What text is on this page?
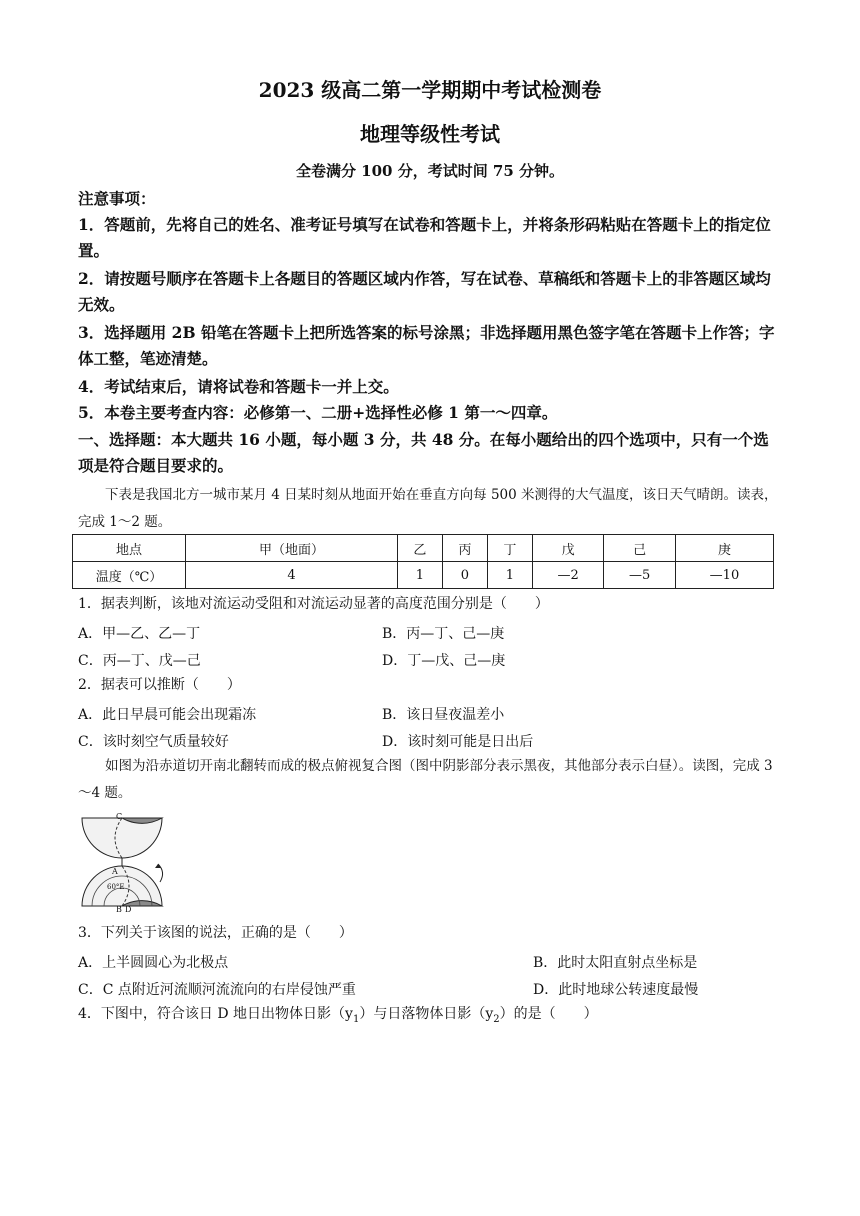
2023 级高二第一学期期中考试检测卷
地理等级性考试
全卷满分 100 分，考试时间 75 分钟。
注意事项：
1．答题前，先将自己的姓名、准考证号填写在试卷和答题卡上，并将条形码粘贴在答题卡上的指定位置。
2．请按题号顺序在答题卡上各题目的答题区域内作答，写在试卷、草稿纸和答题卡上的非答题区域均无效。
3．选择题用 2B 铅笔在答题卡上把所选答案的标号涂黑；非选择题用黑色签字笔在答题卡上作答；字体工整，笔迹清楚。
4．考试结束后，请将试卷和答题卡一并上交。
5．本卷主要考查内容：必修第一、二册+选择性必修 1 第一～四章。
一、选择题：本大题共 16 小题，每小题 3 分，共 48 分。在每小题给出的四个选项中，只有一个选项是符合题目要求的。
下表是我国北方一城市某月 4 日某时刻从地面开始在垂直方向每 500 米测得的大气温度，该日天气晴朗。读表，完成 1～2 题。
地点	甲（地面）	乙	丙	丁	戊	己	庚
温度（℃）	4	1	0	1	—2	—5	—10
1．据表判断，该地对流运动受阻和对流运动显著的高度范围分别是（　　）
A．甲—乙、乙—丁	B．丙—丁、己—庚
C．丙—丁、戊—己	D．丁—戊、己—庚
2．据表可以推断（　　）
A．此日早晨可能会出现霜冻	B．该日昼夜温差小
C．该时刻空气质量较好	D．该时刻可能是日出后
如图为沿赤道切开南北翻转而成的极点俯视复合图（图中阴影部分表示黑夜，其他部分表示白昼）。读图，完成 3～4 题。
C
A
60°E
B D
3．下列关于该图的说法，正确的是（　　）
A．上半圆圆心为北极点	B．此时太阳直射点坐标是
C．C 点附近河流顺河流流向的右岸侵蚀严重	D．此时地球公转速度最慢
4．下图中，符合该日 D 地日出物体日影$(y_1)$与日落物体日影$(y_2)$的是（　　）
